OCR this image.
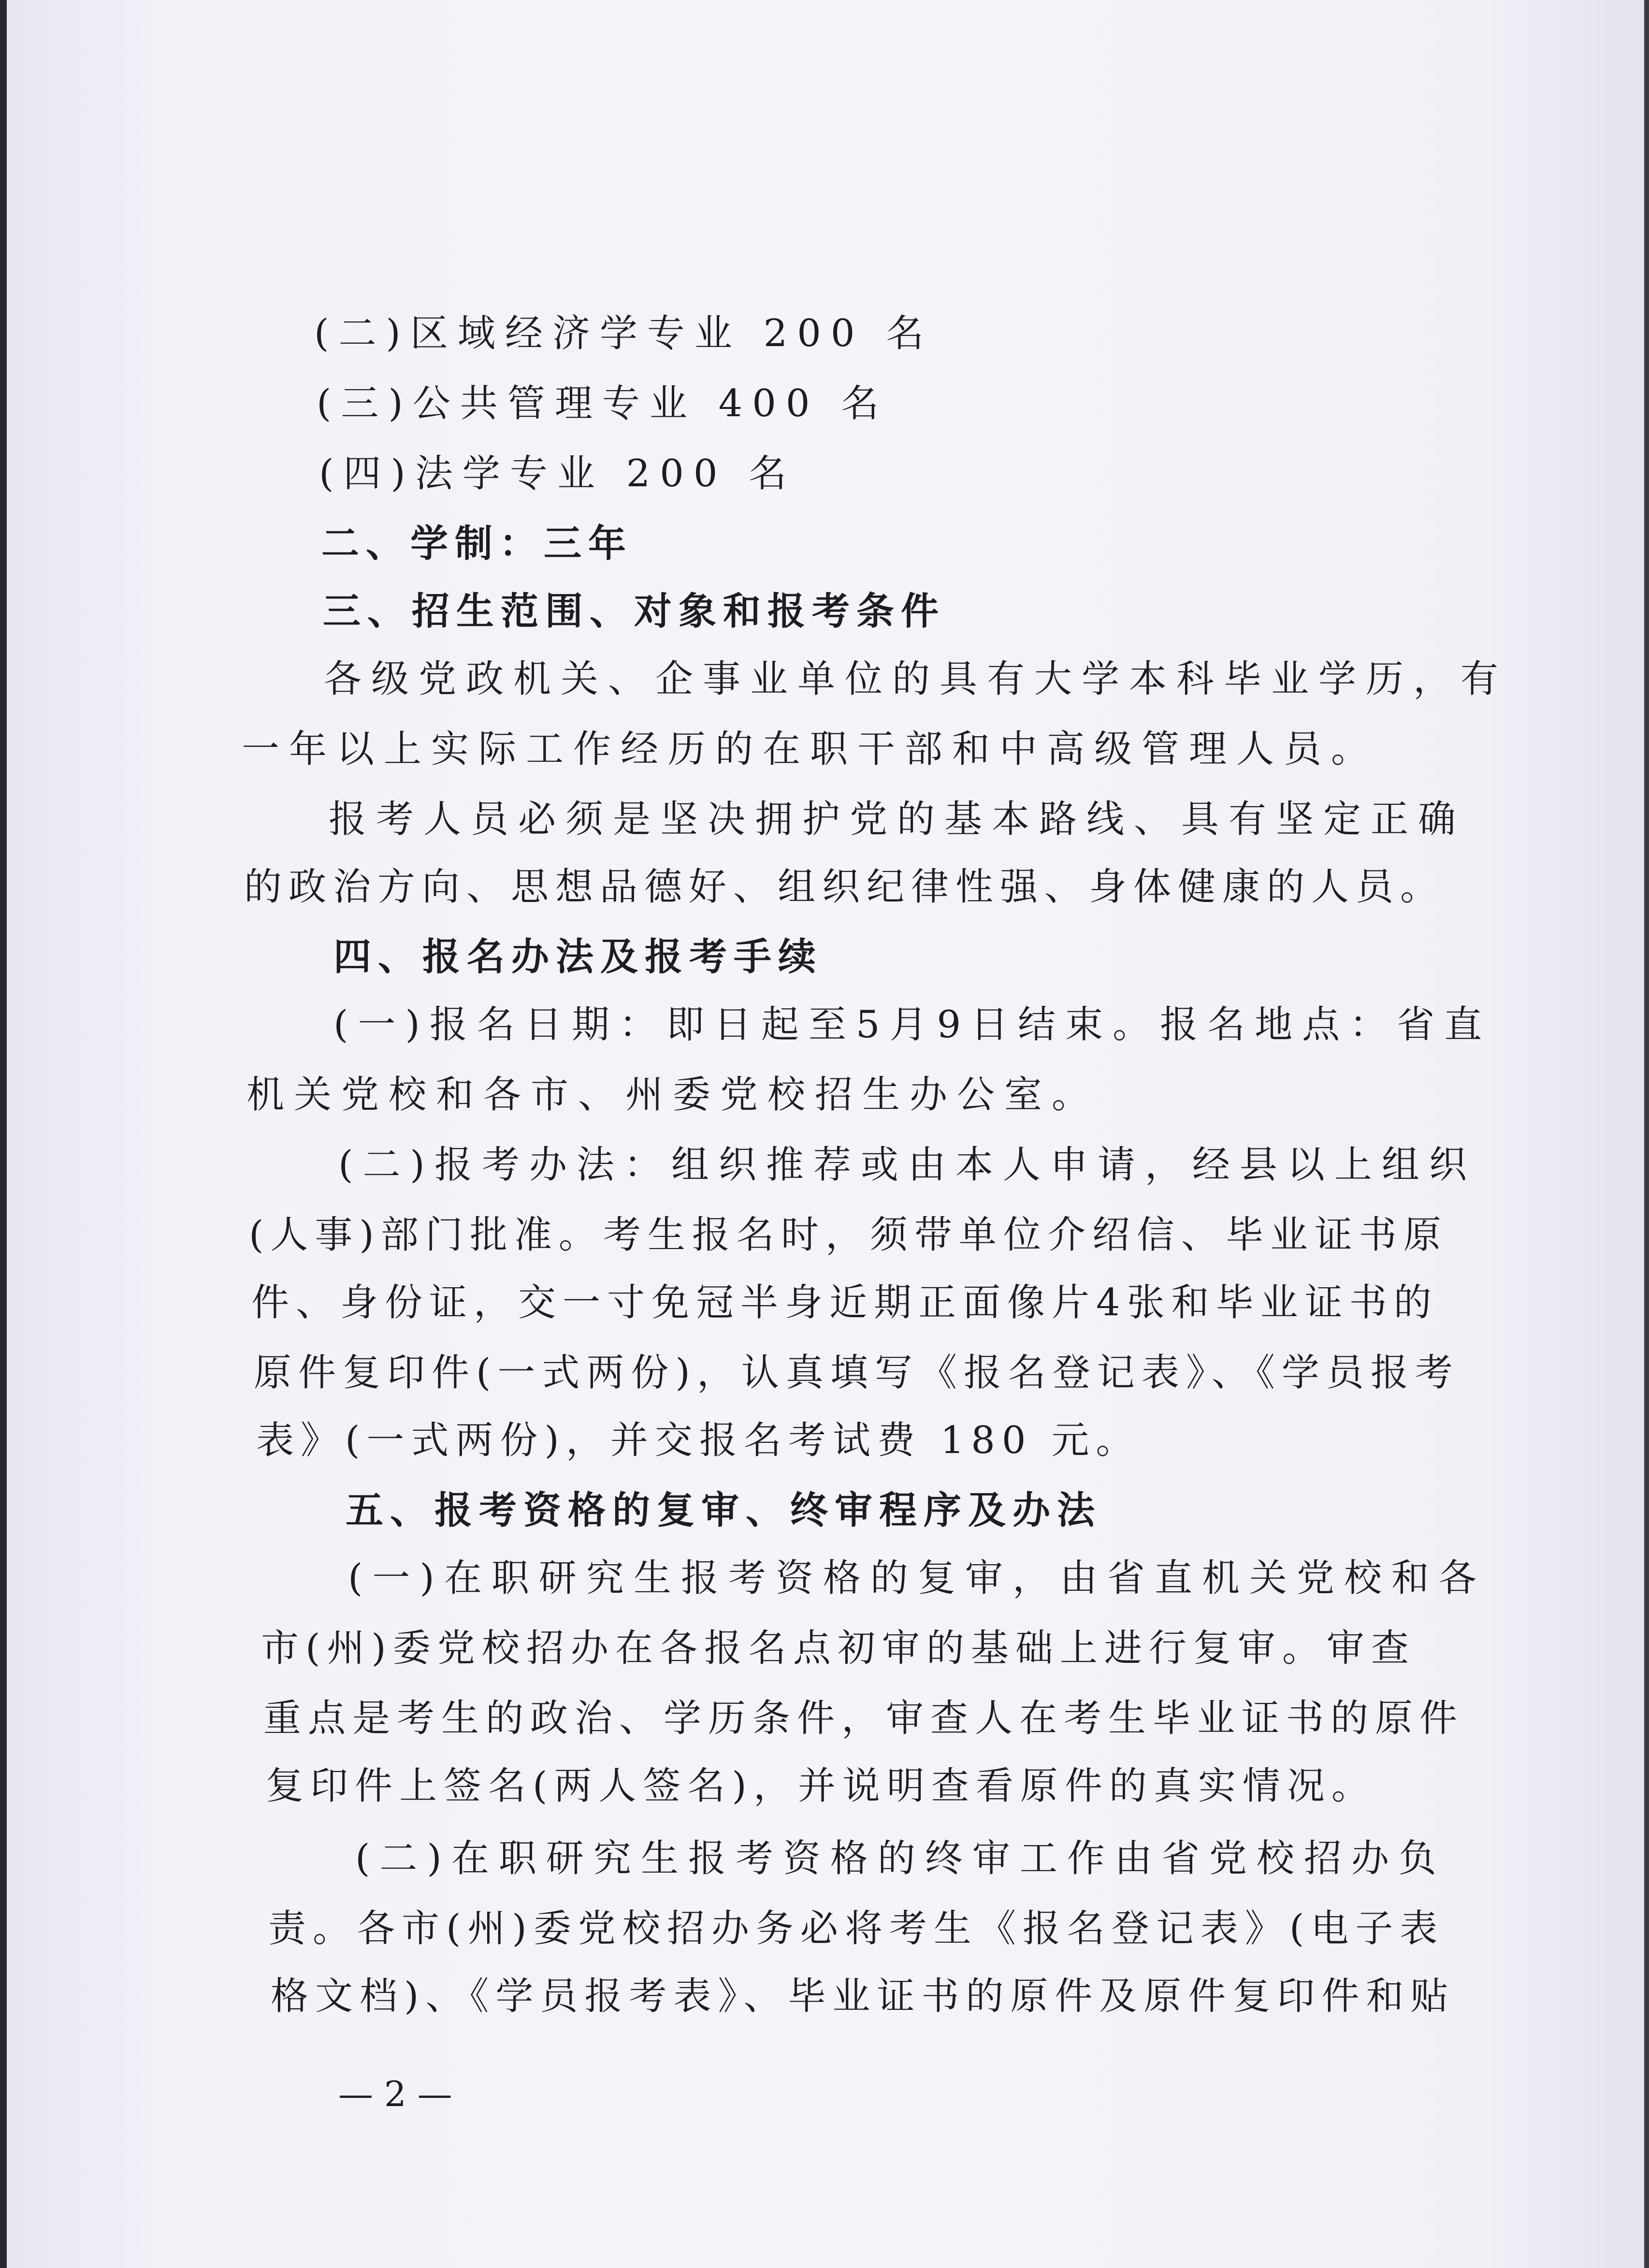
(二)区域经济学专业 200 名

(三)公共管理专业 400 名

(四)法学专业 200 名

二、学制：三年

三、招生范围、对象和报考条件

各级党政机关、企事业单位的具有大学本科毕业学历，有

一年以上实际工作经历的在职干部和中高级管理人员。

报考人员必须是坚决拥护党的基本路线、具有坚定正确

的政治方向、思想品德好、组织纪律性强、身体健康的人员。

四、报名办法及报考手续

(一)报名日期：即日起至5月9日结束。报名地点：省直

机关党校和各市、州委党校招生办公室。

(二)报考办法：组织推荐或由本人申请，经县以上组织

(人事)部门批准。考生报名时，须带单位介绍信、毕业证书原

件、身份证，交一寸免冠半身近期正面像片4张和毕业证书的

原件复印件(一式两份)，认真填写《报名登记表》、《学员报考

表》(一式两份)，并交报名考试费 180 元。

五、报考资格的复审、终审程序及办法

(一)在职研究生报考资格的复审，由省直机关党校和各

市(州)委党校招办在各报名点初审的基础上进行复审。审查

重点是考生的政治、学历条件，审查人在考生毕业证书的原件

复印件上签名(两人签名)，并说明查看原件的真实情况。

(二)在职研究生报考资格的终审工作由省党校招办负

责。各市(州)委党校招办务必将考生《报名登记表》(电子表

格文档)、《学员报考表》、毕业证书的原件及原件复印件和贴

— 2 —
